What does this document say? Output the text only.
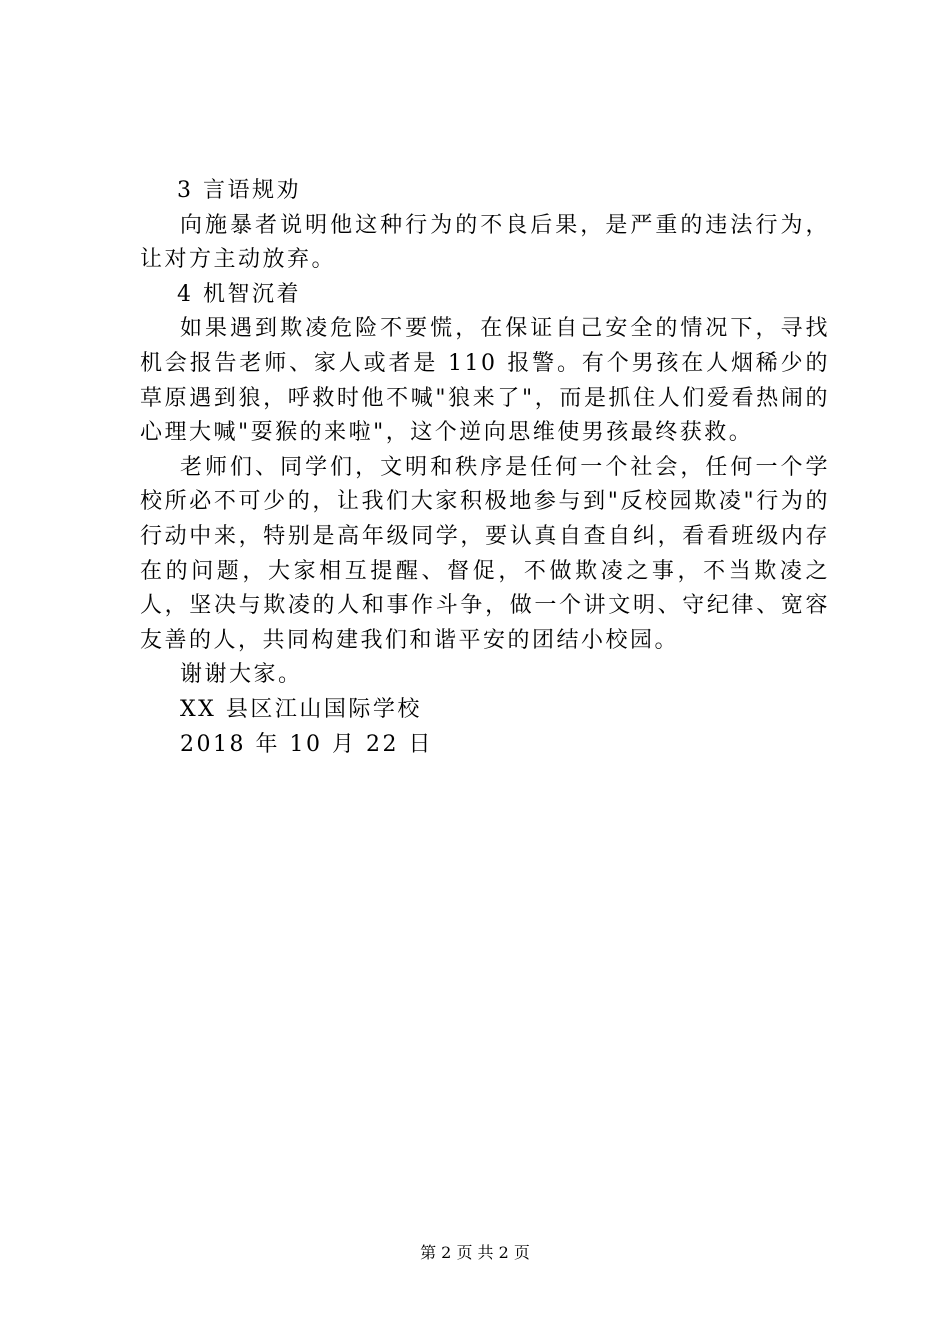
3 言语规劝

向施暴者说明他这种行为的不良后果，是严重的违法行为，让对方主动放弃。

4 机智沉着

如果遇到欺凌危险不要慌，在保证自己安全的情况下，寻找机会报告老师、家人或者是 110 报警。有个男孩在人烟稀少的草原遇到狼，呼救时他不喊"狼来了"，而是抓住人们爱看热闹的心理大喊"耍猴的来啦"，这个逆向思维使男孩最终获救。

老师们、同学们，文明和秩序是任何一个社会，任何一个学校所必不可少的，让我们大家积极地参与到"反校园欺凌"行为的行动中来，特别是高年级同学，要认真自查自纠，看看班级内存在的问题，大家相互提醒、督促，不做欺凌之事，不当欺凌之人，坚决与欺凌的人和事作斗争，做一个讲文明、守纪律、宽容友善的人，共同构建我们和谐平安的团结小校园。

谢谢大家。

XX 县区江山国际学校

2018 年 10 月 22 日

第 2 页 共 2 页
